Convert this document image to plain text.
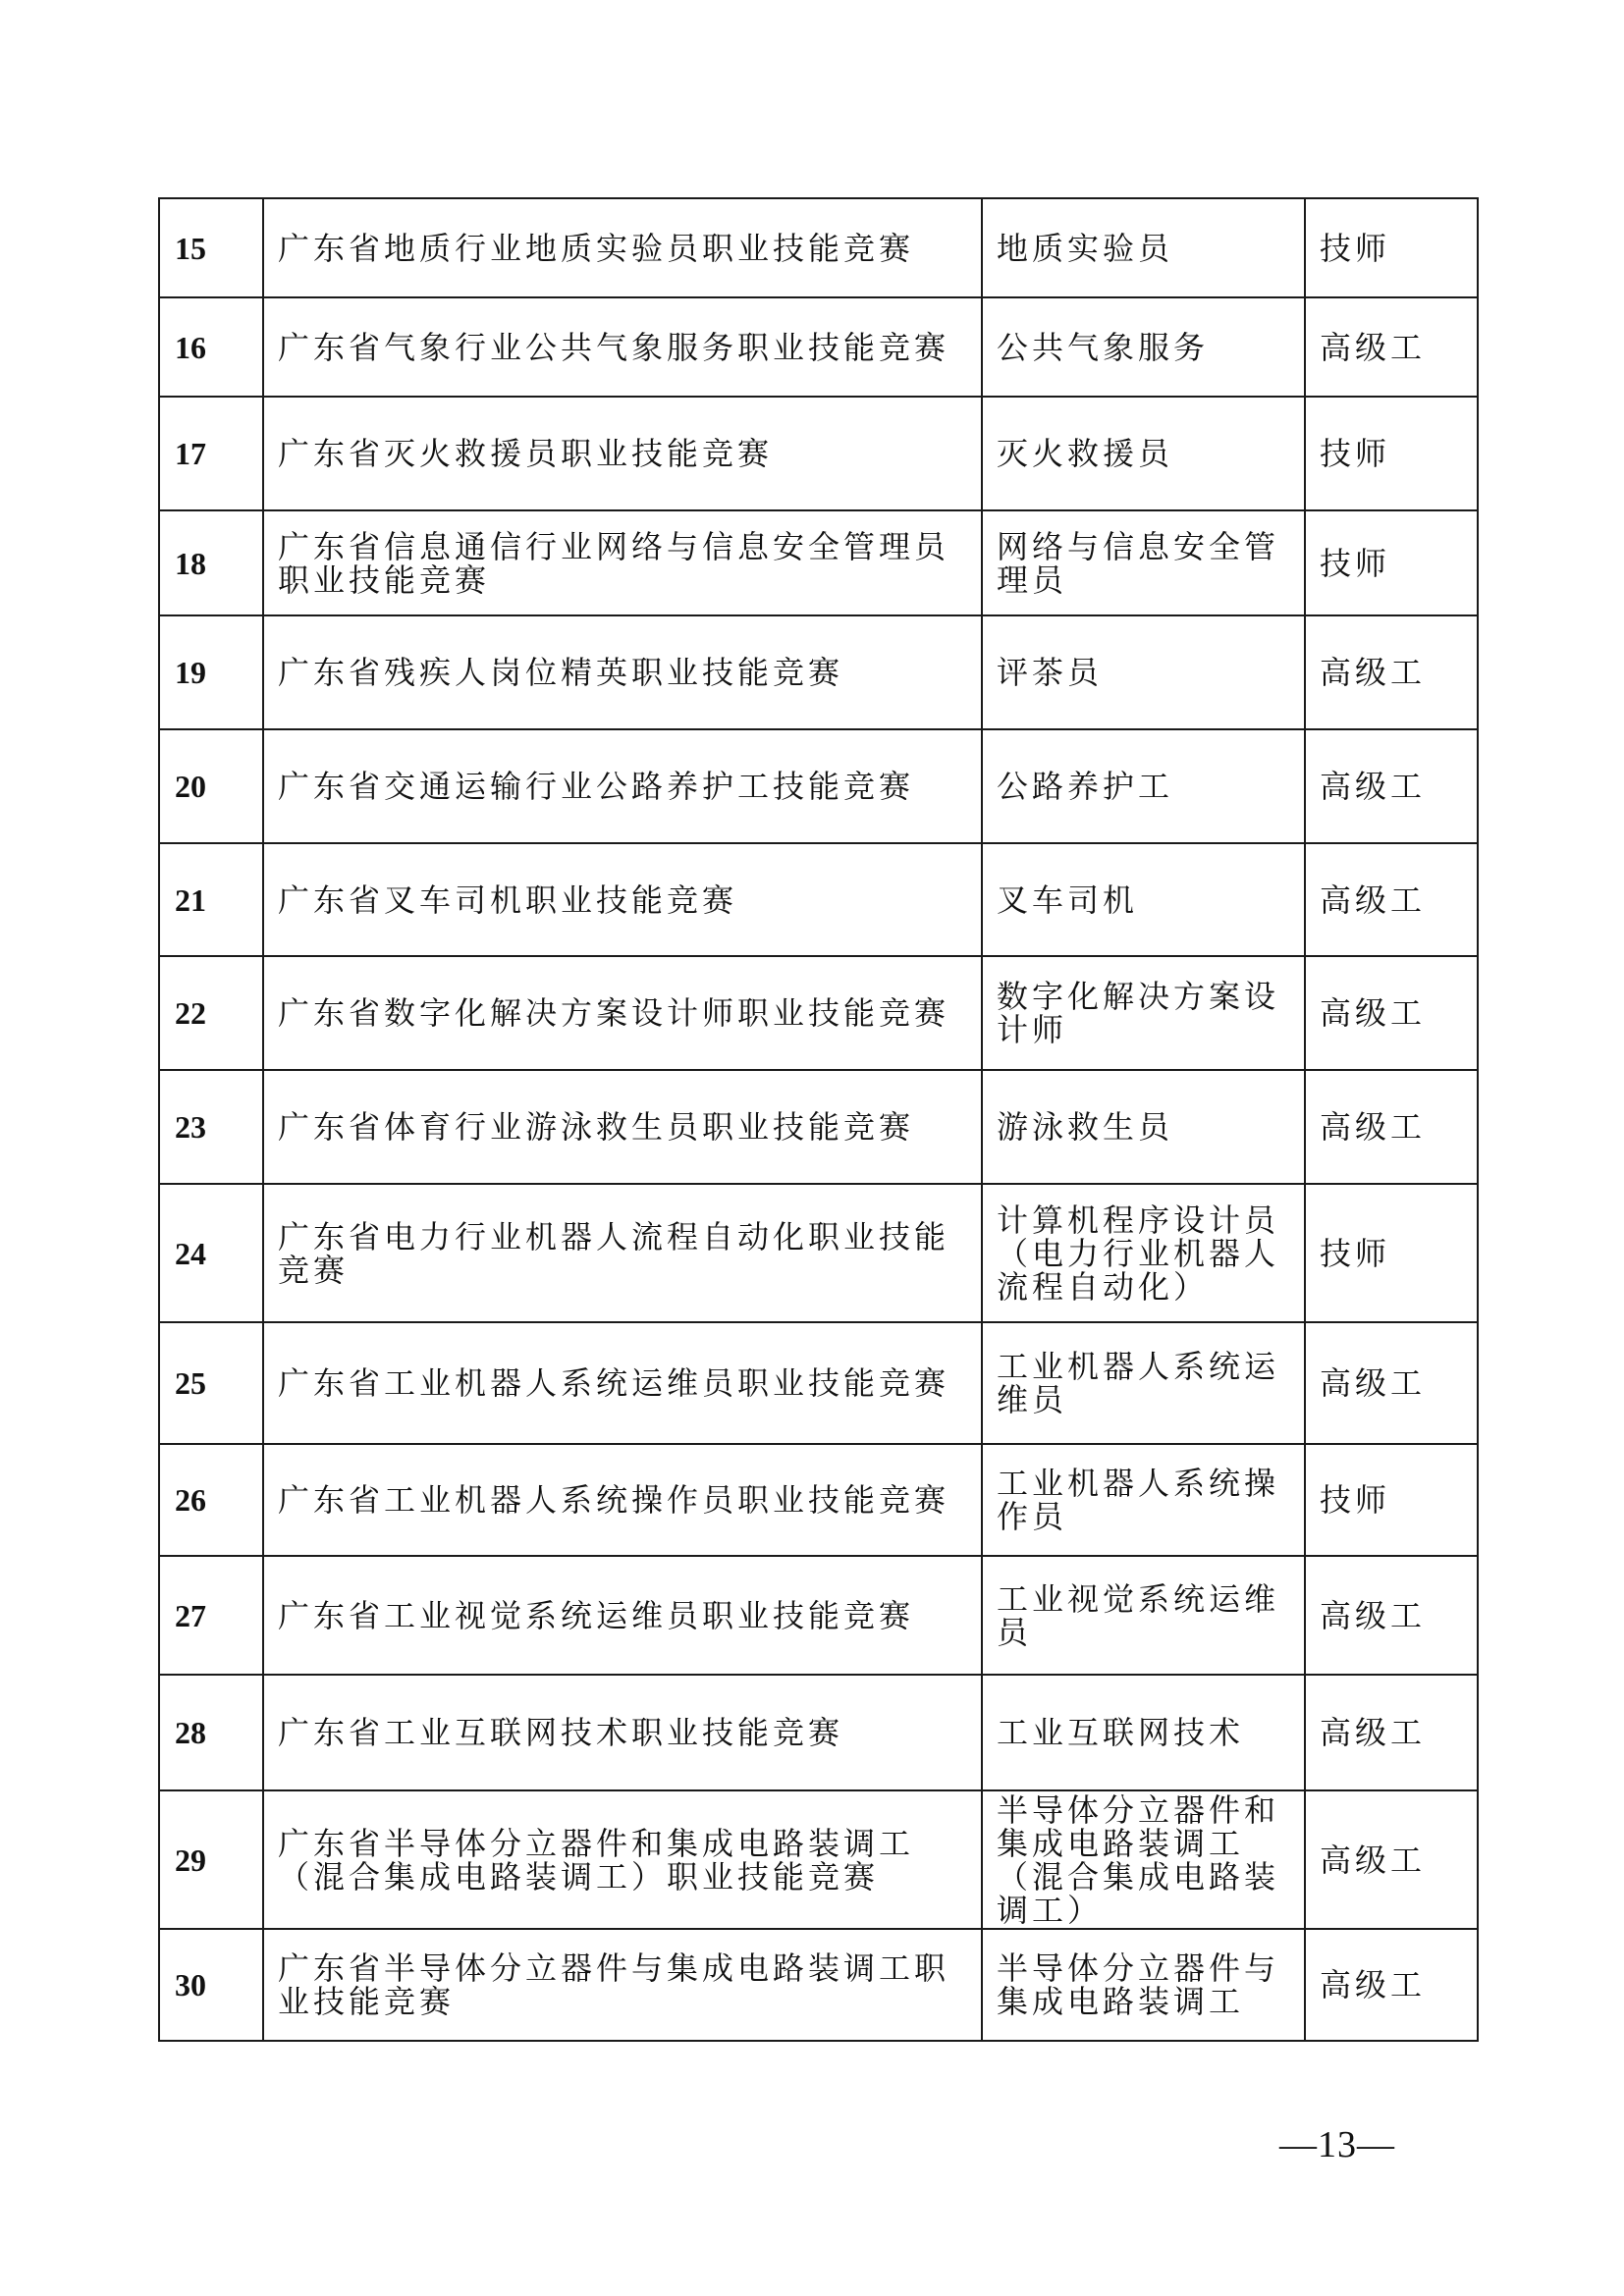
15	广东省地质行业地质实验员职业技能竞赛	地质实验员	技师
16	广东省气象行业公共气象服务职业技能竞赛	公共气象服务	高级工
17	广东省灭火救援员职业技能竞赛	灭火救援员	技师
18	广东省信息通信行业网络与信息安全管理员职业技能竞赛	网络与信息安全管理员	技师
19	广东省残疾人岗位精英职业技能竞赛	评茶员	高级工
20	广东省交通运输行业公路养护工技能竞赛	公路养护工	高级工
21	广东省叉车司机职业技能竞赛	叉车司机	高级工
22	广东省数字化解决方案设计师职业技能竞赛	数字化解决方案设计师	高级工
23	广东省体育行业游泳救生员职业技能竞赛	游泳救生员	高级工
24	广东省电力行业机器人流程自动化职业技能竞赛	计算机程序设计员（电力行业机器人流程自动化）	技师
25	广东省工业机器人系统运维员职业技能竞赛	工业机器人系统运维员	高级工
26	广东省工业机器人系统操作员职业技能竞赛	工业机器人系统操作员	技师
27	广东省工业视觉系统运维员职业技能竞赛	工业视觉系统运维员	高级工
28	广东省工业互联网技术职业技能竞赛	工业互联网技术	高级工
29	广东省半导体分立器件和集成电路装调工（混合集成电路装调工）职业技能竞赛	半导体分立器件和集成电路装调工（混合集成电路装调工）	高级工
30	广东省半导体分立器件与集成电路装调工职业技能竞赛	半导体分立器件与集成电路装调工	高级工
—13—
